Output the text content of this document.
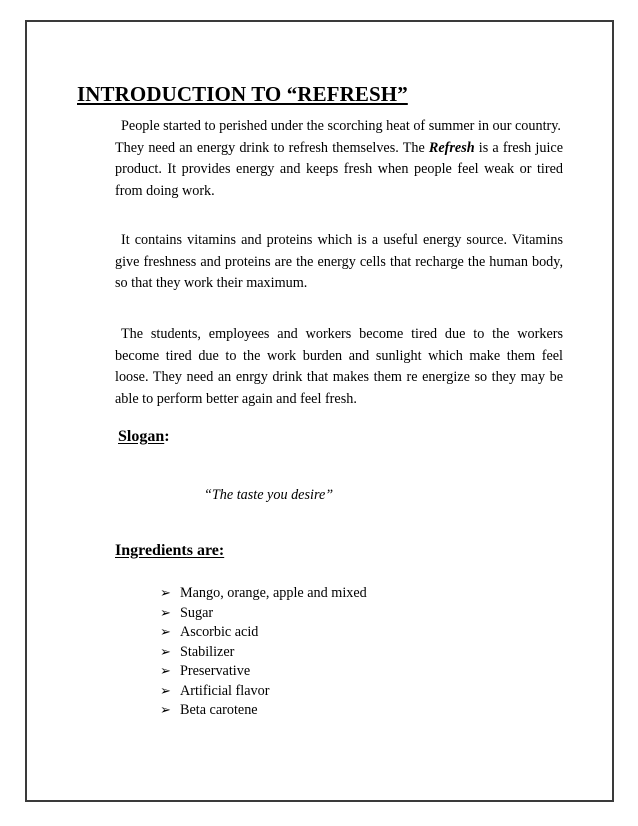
INTRODUCTION TO “REFRESH”

People started to perished under the scorching heat of summer in our country.
They need an energy drink to refresh themselves. The Refresh is a fresh juice product. It provides energy and keeps fresh when people feel weak or tired from doing work.

It contains vitamins and proteins which is a useful energy source. Vitamins give freshness and proteins are the energy cells that recharge the human body, so that they work their maximum.

The students, employees and workers become tired due to the workers become tired due to the work burden and sunlight which make them feel loose. They need an enrgy drink that makes them re energize so they may be able to perform better again and feel fresh.

Slogan:

“The taste you desire”

Ingredients are:

➢ Mango, orange, apple and mixed
➢ Sugar
➢ Ascorbic acid
➢ Stabilizer
➢ Preservative
➢ Artificial flavor
➢ Beta carotene
